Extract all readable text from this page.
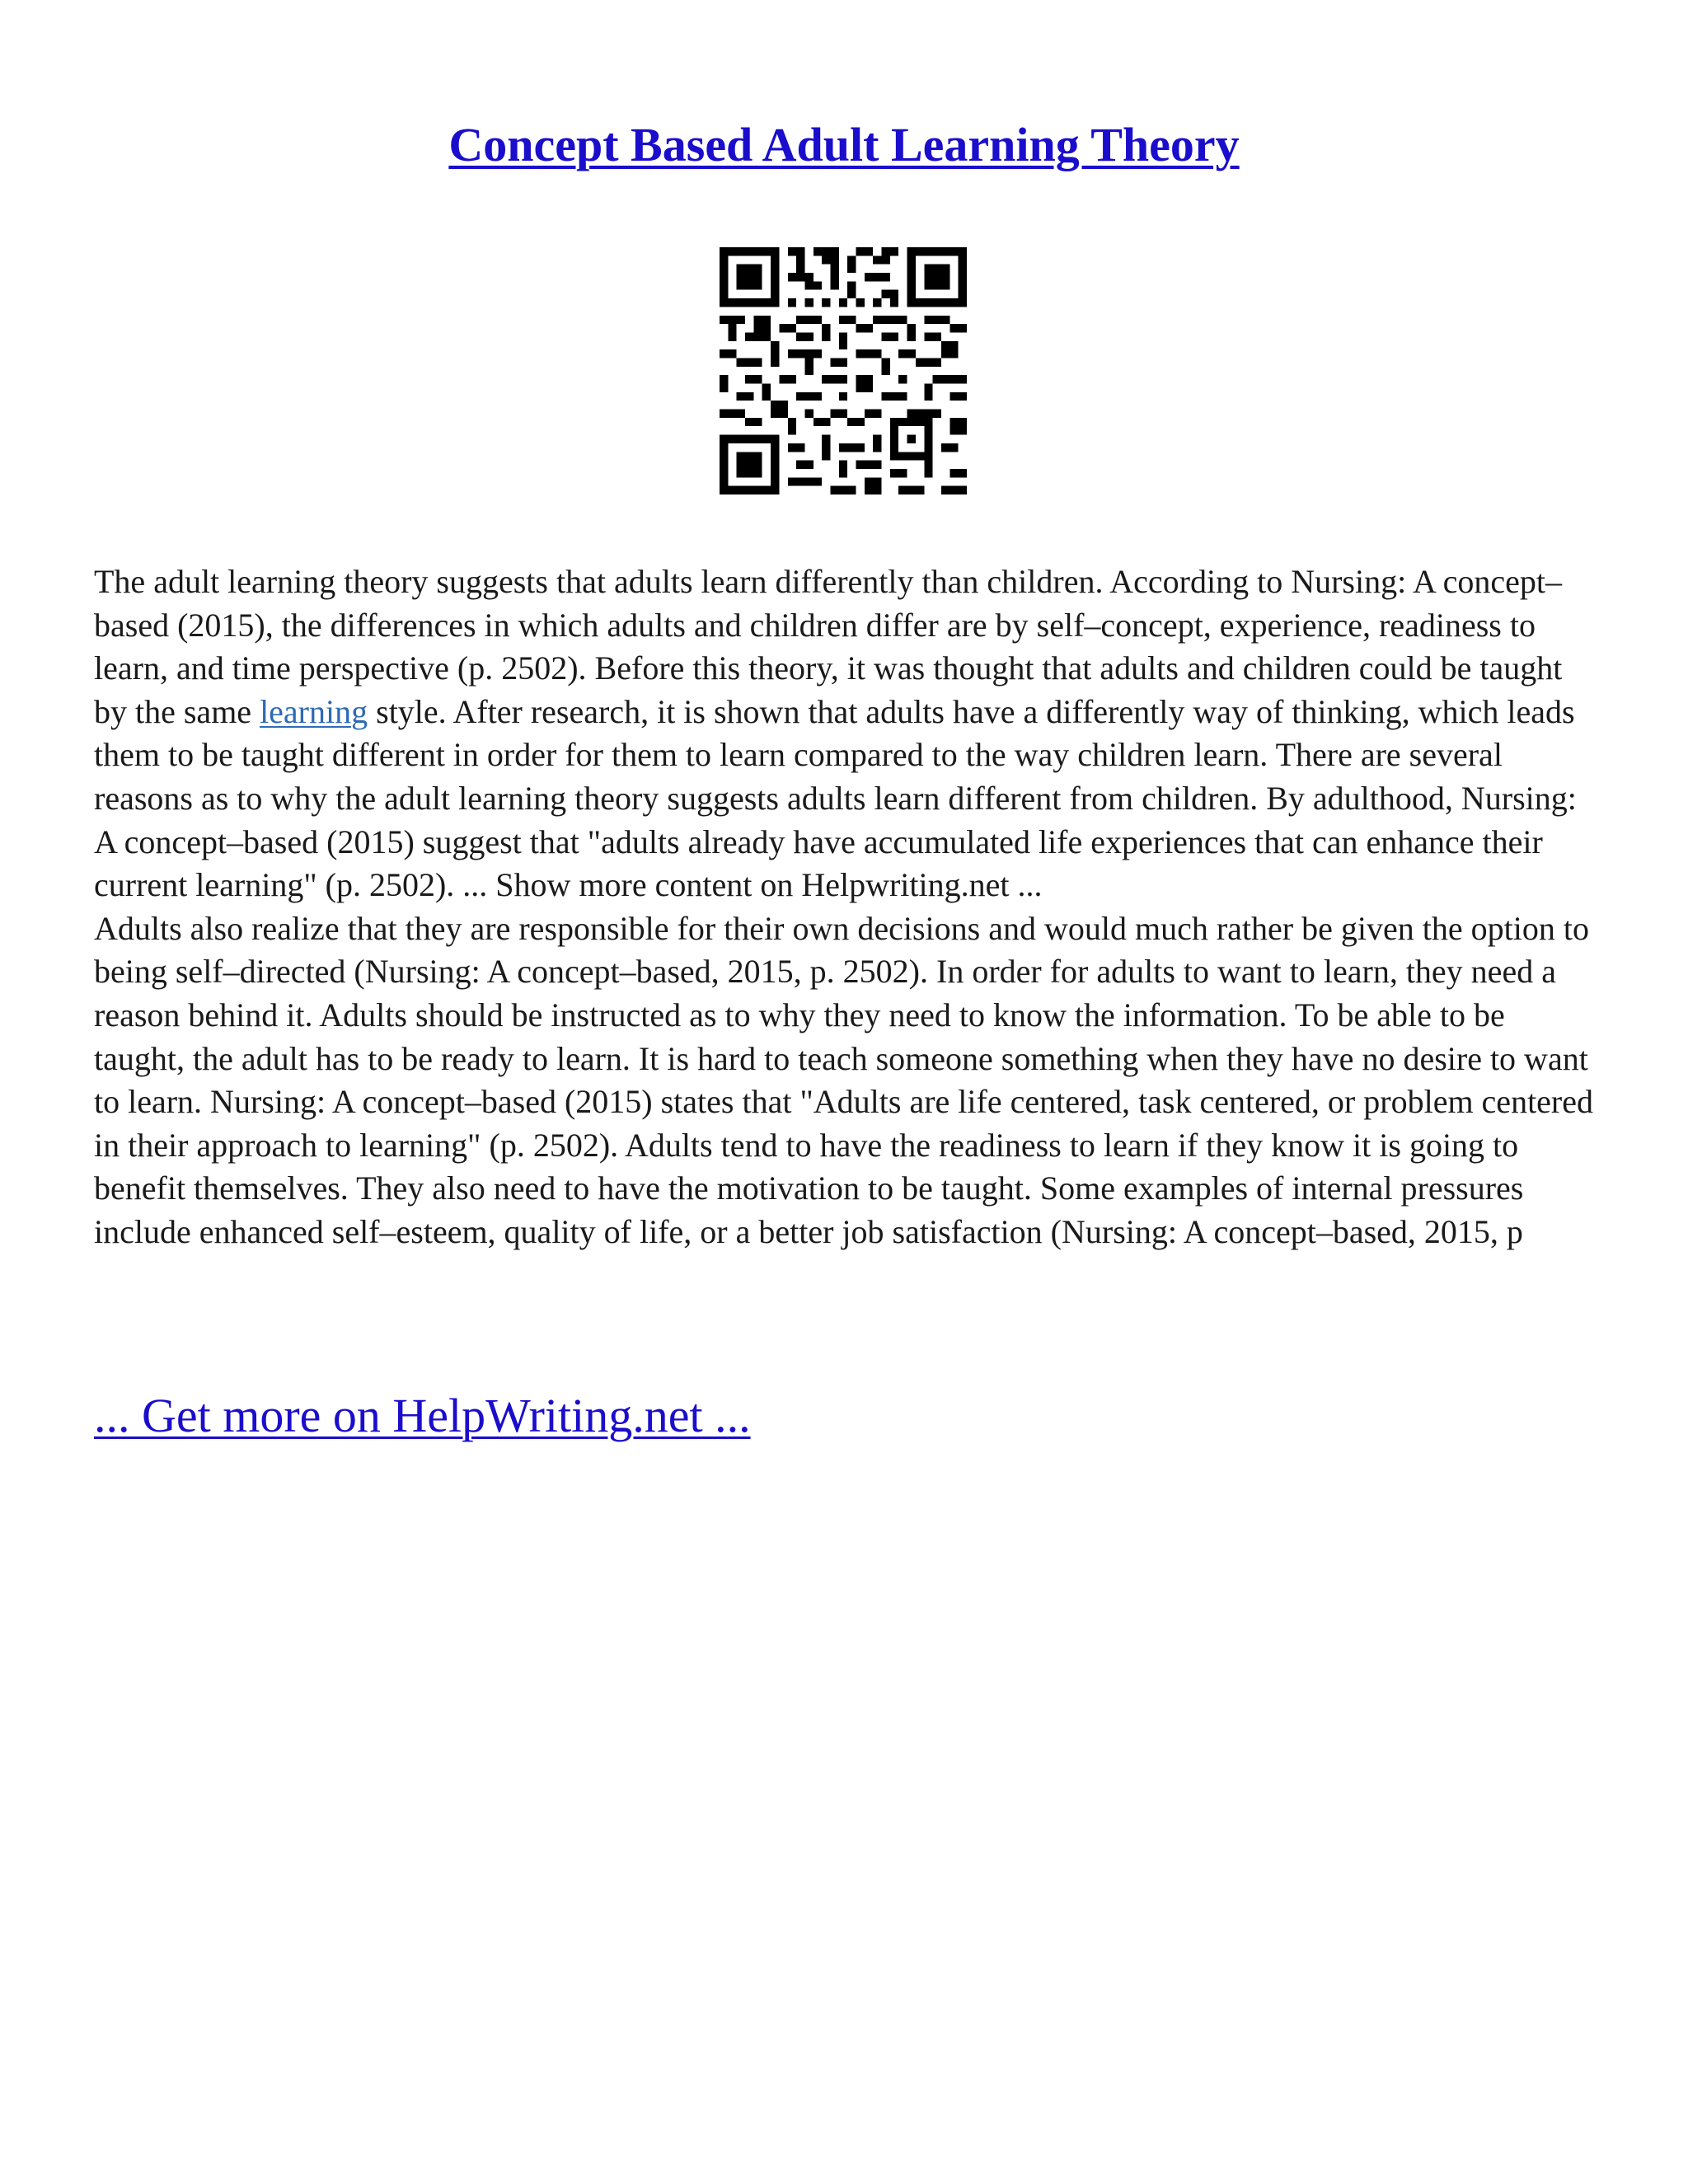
Concept Based Adult Learning Theory

The adult learning theory suggests that adults learn differently than children. According to Nursing: A concept–based (2015), the differences in which adults and children differ are by self–concept, experience, readiness to learn, and time perspective (p. 2502). Before this theory, it was thought that adults and children could be taught by the same learning style. After research, it is shown that adults have a differently way of thinking, which leads them to be taught different in order for them to learn compared to the way children learn. There are several reasons as to why the adult learning theory suggests adults learn different from children. By adulthood, Nursing: A concept–based (2015) suggest that "adults already have accumulated life experiences that can enhance their current learning" (p. 2502). ... Show more content on Helpwriting.net ...

Adults also realize that they are responsible for their own decisions and would much rather be given the option to being self–directed (Nursing: A concept–based, 2015, p. 2502). In order for adults to want to learn, they need a reason behind it. Adults should be instructed as to why they need to know the information. To be able to be taught, the adult has to be ready to learn. It is hard to teach someone something when they have no desire to want to learn. Nursing: A concept–based (2015) states that "Adults are life centered, task centered, or problem centered in their approach to learning" (p. 2502). Adults tend to have the readiness to learn if they know it is going to benefit themselves. They also need to have the motivation to be taught. Some examples of internal pressures include enhanced self–esteem, quality of life, or a better job satisfaction (Nursing: A concept–based, 2015, p

... Get more on HelpWriting.net ...
